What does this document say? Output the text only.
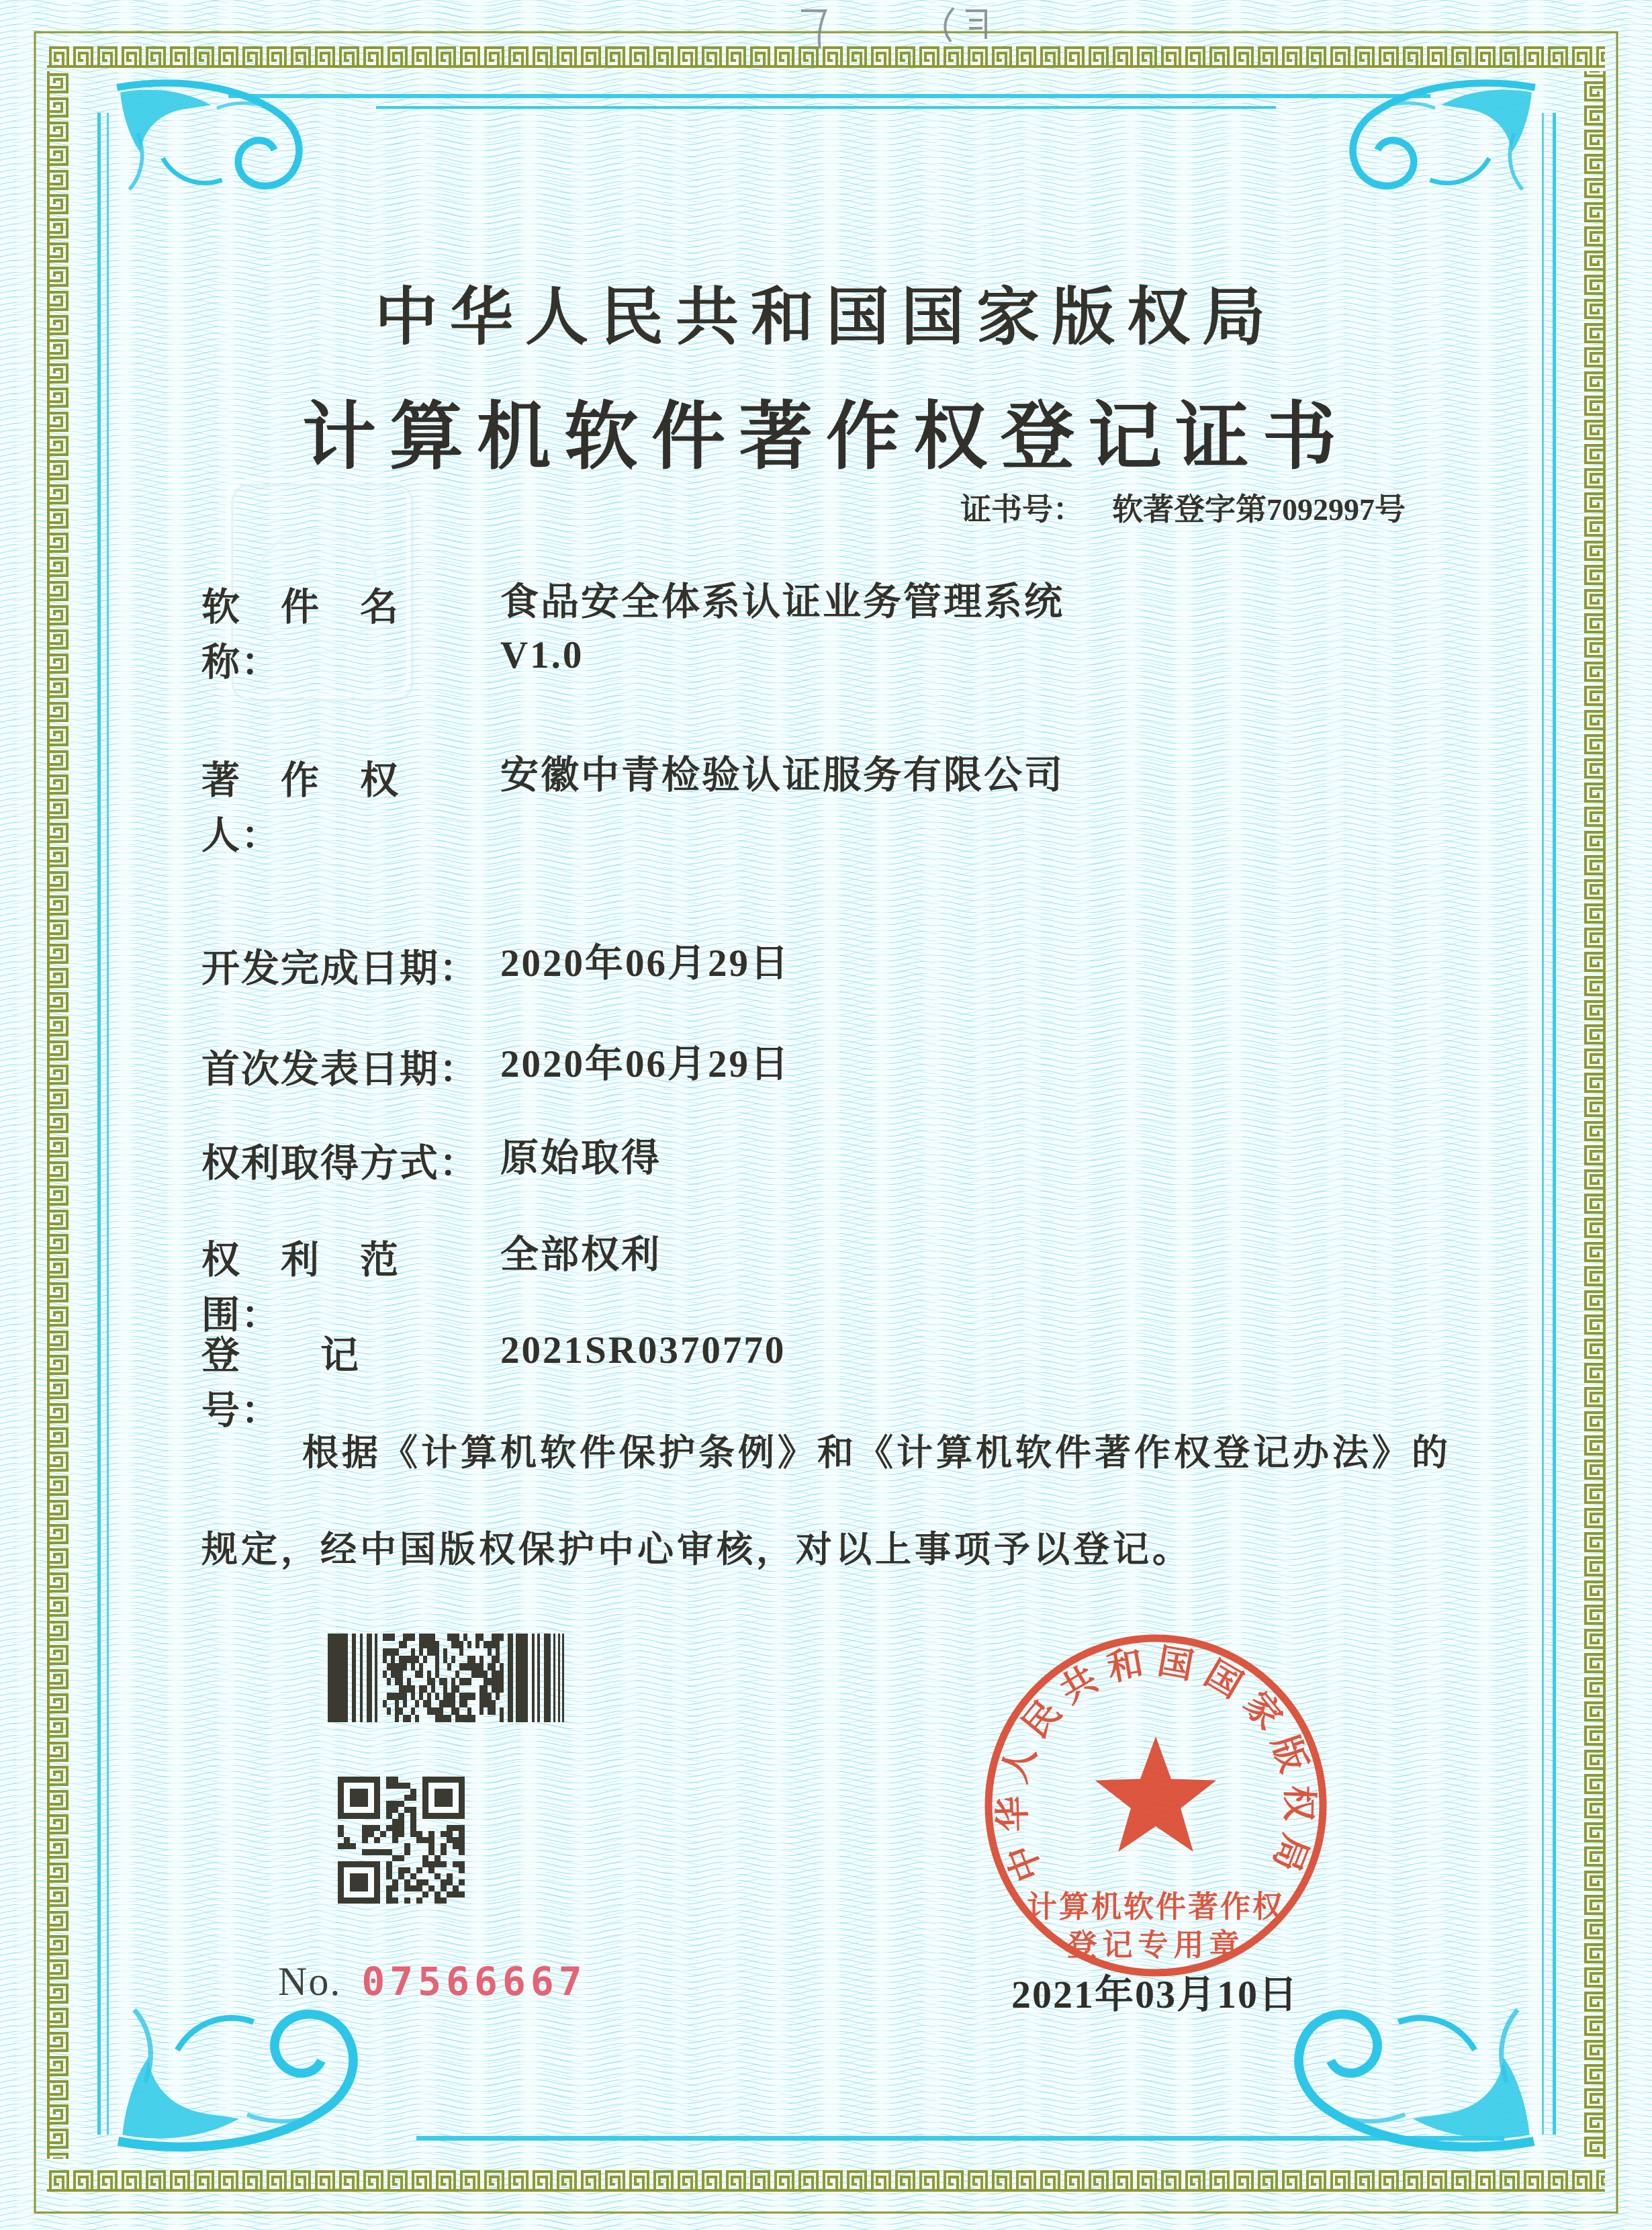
中华人民共和国国家版权局
计算机软件著作权登记证书
证书号： 软著登字第7092997号
软　件　名　称：
食品安全体系认证业务管理系统
V1.0
著　作　权　人：
安徽中青检验认证服务有限公司
开发完成日期： 2020年06月29日
首次发表日期： 2020年06月29日
权利取得方式： 原始取得
权　利　范　围：
全部权利
登　　记　　号：
2021SR0370770
根据《计算机软件保护条例》和《计算机软件著作权登记办法》的
规定，经中国版权保护中心审核，对以上事项予以登记。
No. 07566667	2021年03月10日
中华人民共和国国家版权局
计算机软件著作权
登记专用章
